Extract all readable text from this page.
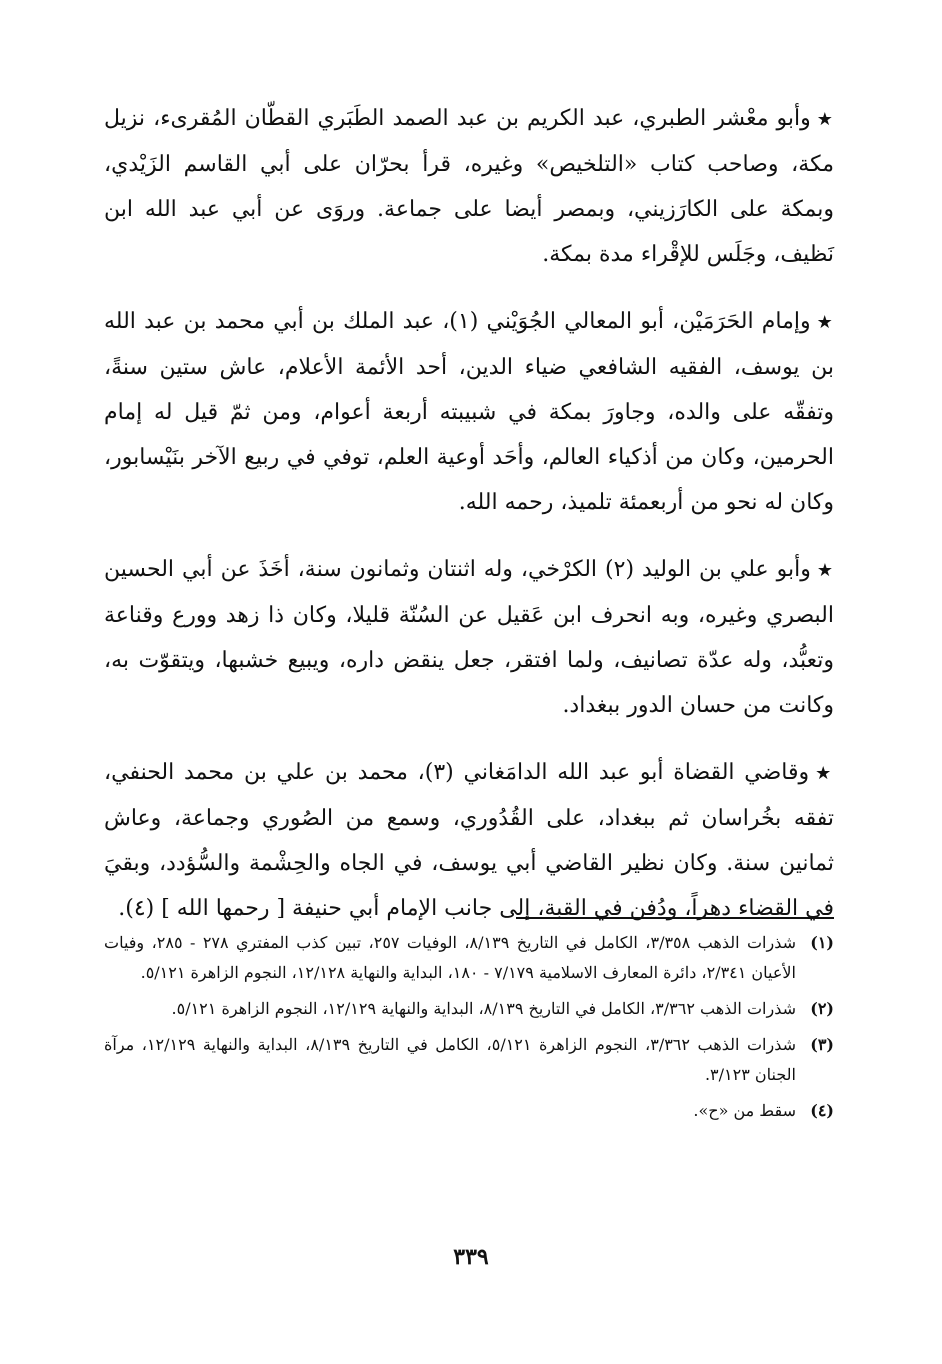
★وأبو معْشر الطبري، عبد الكريم بن عبد الصمد الطَبَري القطّان المُقرىء، نزيل مكة، وصاحب كتاب «التلخيص» وغيره، قرأ بحرّان على أبي القاسم الزَيْدي، وبمكة على الكارَزيني، وبمصر أيضا على جماعة. وروَى عن أبي عبد الله ابن نَظيف، وجَلَس للإقْراء مدة بمكة.

★وإمام الحَرَمَيْن، أبو المعالي الجُوَيْني (١)، عبد الملك بن أبي محمد بن عبد الله بن يوسف، الفقيه الشافعي ضياء الدين، أحد الأئمة الأعلام، عاش ستين سنةً، وتفقّه على والده، وجاورَ بمكة في شبيبته أربعة أعوام، ومن ثمّ قيل له إمام الحرمين، وكان من أذكياء العالم، وأحَد أوعية العلم، توفي في ربيع الآخر بنَيْسابور، وكان له نحو من أربعمئة تلميذ، رحمه الله.

★وأبو علي بن الوليد (٢) الكرْخي، وله اثنتان وثمانون سنة، أخَذَ عن أبي الحسين البصري وغيره، وبه انحرف ابن عَقيل عن السُنّة قليلا، وكان ذا زهد وورع وقناعة وتعبُّد، وله عدّة تصانيف، ولما افتقر، جعل ينقض داره، ويبيع خشبها، ويتقوّت به، وكانت من حسان الدور ببغداد.

★وقاضي القضاة أبو عبد الله الدامَغاني (٣)، محمد بن علي بن محمد الحنفي، تفقه بخُراسان ثم ببغداد، على القُدُوري، وسمع من الصُوري وجماعة، وعاش ثمانين سنة. وكان نظير القاضي أبي يوسف، في الجاه والحِشْمة والسُّؤدد، وبقيَ في القضاء دهراً، ودُفن في القبة، إلى جانب الإمام أبي حنيفة [ رحمها الله ] (٤).

(١)

شذرات الذهب ٣/٣٥٨، الكامل في التاريخ ٨/١٣٩، الوفيات ٢٥٧، تبين كذب المفتري ٢٧٨ - ٢٨٥، وفيات الأعيان ٢/٣٤١، دائرة المعارف الاسلامية ٧/١٧٩ - ١٨٠، البداية والنهاية ١٢/١٢٨، النجوم الزاهرة ٥/١٢١.

(٢)

شذرات الذهب ٣/٣٦٢، الكامل في التاريخ ٨/١٣٩، البداية والنهاية ١٢/١٢٩، النجوم الزاهرة ٥/١٢١.

(٣)

شذرات الذهب ٣/٣٦٢، النجوم الزاهرة ٥/١٢١، الكامل في التاريخ ٨/١٣٩، البداية والنهاية ١٢/١٢٩، مرآة الجنان ٣/١٢٣.

(٤)

سقط من «ح».

٣٣٩
